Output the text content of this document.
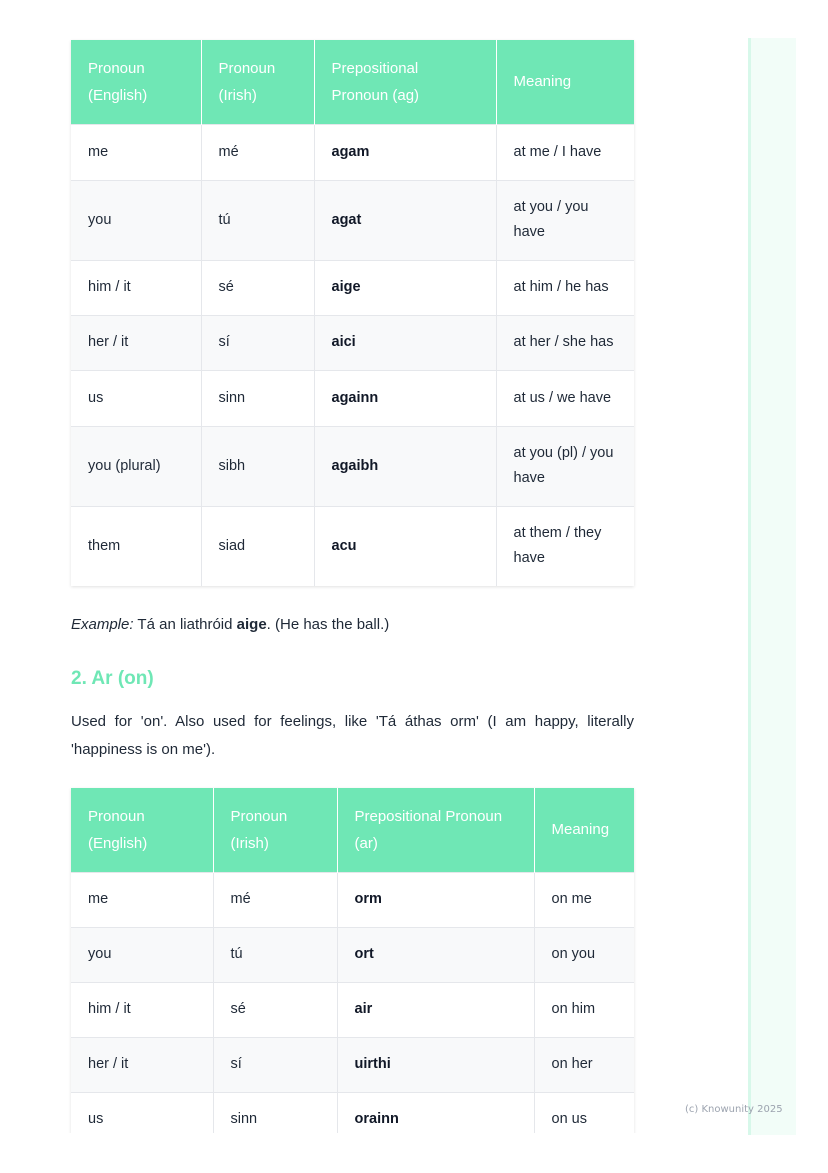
Pronoun (English)	Pronoun (Irish)	Prepositional Pronoun (ag)	Meaning
me	mé	agam	at me / I have
you	tú	agat	at you / you have
him / it	sé	aige	at him / he has
her / it	sí	aici	at her / she has
us	sinn	againn	at us / we have
you (plural)	sibh	agaibh	at you (pl) / you have
them	siad	acu	at them / they have

Example: Tá an liathróid aige. (He has the ball.)

2. Ar (on)

Used for 'on'. Also used for feelings, like 'Tá áthas orm' (I am happy, literally 'happiness is on me').

Pronoun (English)	Pronoun (Irish)	Prepositional Pronoun (ar)	Meaning
me	mé	orm	on me
you	tú	ort	on you
him / it	sé	air	on him
her / it	sí	uirthi	on her
us	sinn	orainn	on us
(c) Knowunity 2025
